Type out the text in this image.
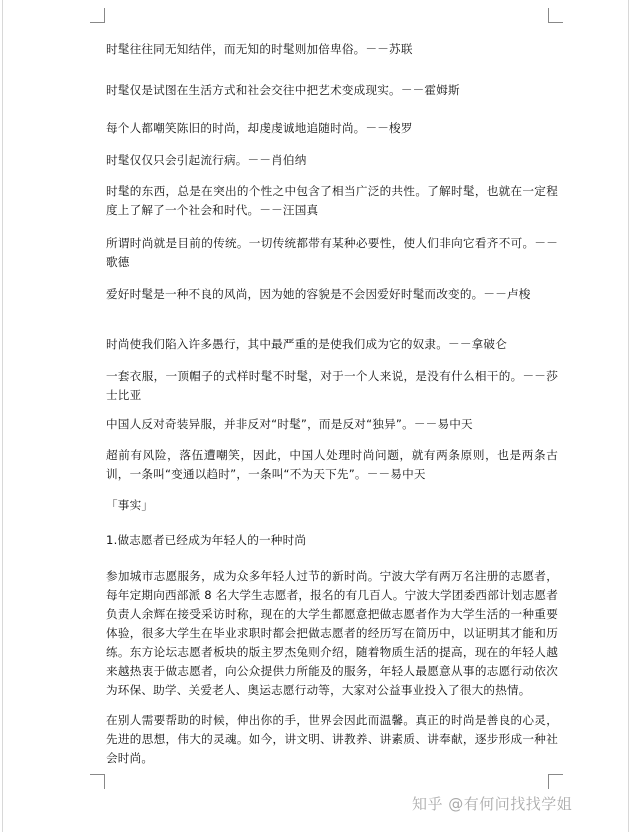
时髦往往同无知结伴，而无知的时髦则加倍卑俗。－－苏联

时髦仅是试图在生活方式和社会交往中把艺术变成现实。－－霍姆斯

每个人都嘲笑陈旧的时尚，却虔虔诚地追随时尚。－－梭罗

时髦仅仅只会引起流行病。－－肖伯纳

时髦的东西，总是在突出的个性之中包含了相当广泛的共性。了解时髦，也就在一定程度上了解了一个社会和时代。－－汪国真

所谓时尚就是目前的传统。一切传统都带有某种必要性，使人们非向它看齐不可。－－歌德

爱好时髦是一种不良的风尚，因为她的容貌是不会因爱好时髦而改变的。－－卢梭

时尚使我们陷入许多愚行，其中最严重的是使我们成为它的奴隶。－－拿破仑

一套衣服，一顶帽子的式样时髦不时髦，对于一个人来说，是没有什么相干的。－－莎士比亚

中国人反对奇装异服，并非反对“时髦”，而是反对“独异”。－－易中天

超前有风险，落伍遭嘲笑，因此，中国人处理时尚问题，就有两条原则，也是两条古训，一条叫“变通以趋时”，一条叫“不为天下先”。－－易中天

「事实」

1.做志愿者已经成为年轻人的一种时尚

参加城市志愿服务，成为众多年轻人过节的新时尚。宁波大学有两万名注册的志愿者，每年定期向西部派 8 名大学生志愿者，报名的有几百人。宁波大学团委西部计划志愿者负责人余辉在接受采访时称，现在的大学生都愿意把做志愿者作为大学生活的一种重要体验，很多大学生在毕业求职时都会把做志愿者的经历写在简历中，以证明其才能和历练。东方论坛志愿者板块的版主罗杰兔则介绍，随着物质生活的提高，现在的年轻人越来越热衷于做志愿者，向公众提供力所能及的服务，年轻人最愿意从事的志愿行动依次为环保、助学、关爱老人、奥运志愿行动等，大家对公益事业投入了很大的热情。

在别人需要帮助的时候，伸出你的手，世界会因此而温馨。真正的时尚是善良的心灵，先进的思想，伟大的灵魂。如今，讲文明、讲教养、讲素质、讲奉献，逐步形成一种社会时尚。

知乎 @有何问找找学姐
